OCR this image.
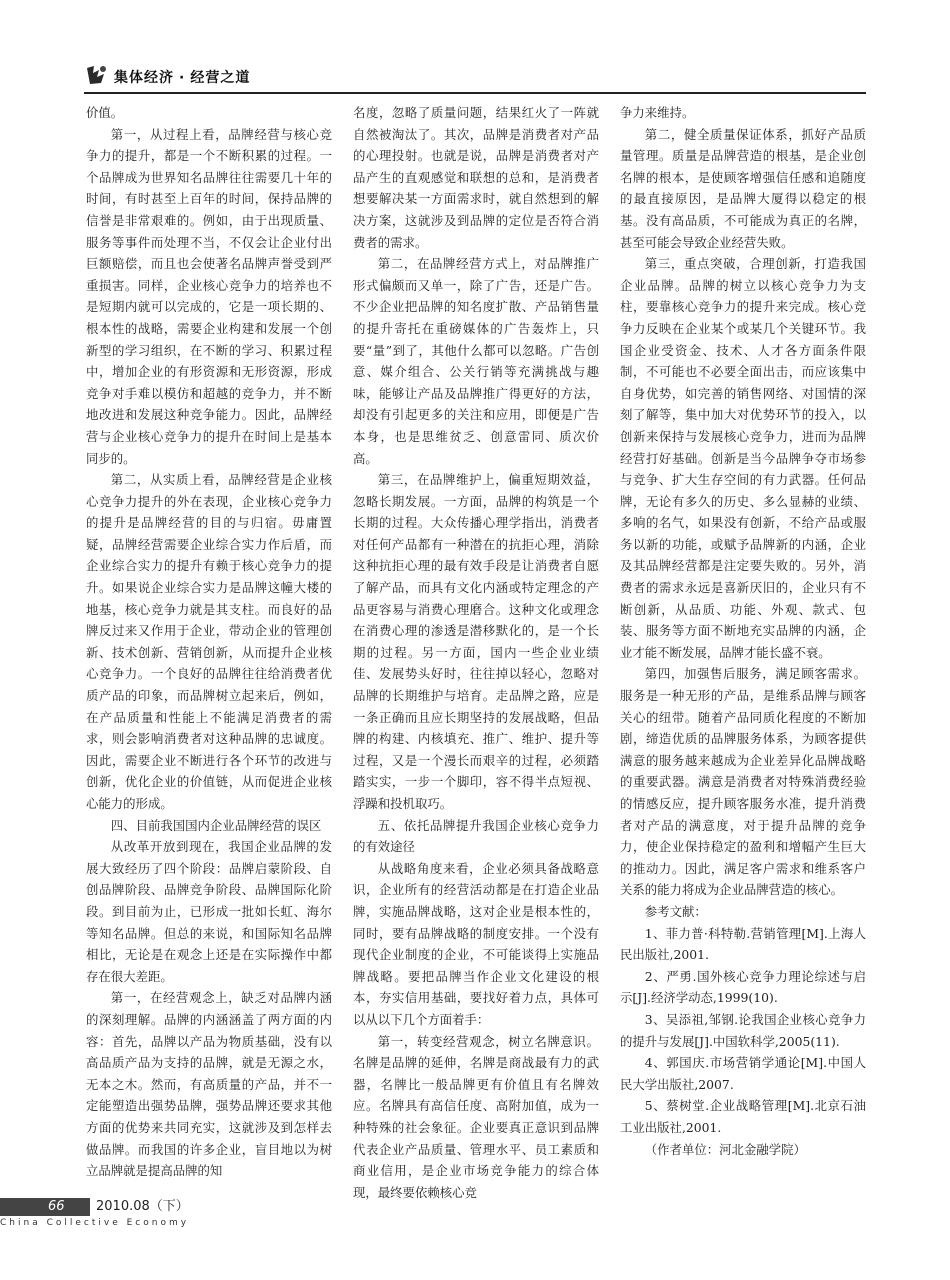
集体经济 · 经营之道

价值。

第一，从过程上看，品牌经营与核心竞争力的提升，都是一个不断积累的过程。一个品牌成为世界知名品牌往往需要几十年的时间，有时甚至上百年的时间，保持品牌的信誉是非常艰难的。例如，由于出现质量、服务等事件而处理不当，不仅会让企业付出巨额赔偿，而且也会使著名品牌声誉受到严重损害。同样，企业核心竞争力的培养也不是短期内就可以完成的，它是一项长期的、根本性的战略，需要企业构建和发展一个创新型的学习组织，在不断的学习、积累过程中，增加企业的有形资源和无形资源，形成竞争对手难以模仿和超越的竞争力，并不断地改进和发展这种竞争能力。因此，品牌经营与企业核心竞争力的提升在时间上是基本同步的。

第二，从实质上看，品牌经营是企业核心竞争力提升的外在表现，企业核心竞争力的提升是品牌经营的目的与归宿。毋庸置疑，品牌经营需要企业综合实力作后盾，而企业综合实力的提升有赖于核心竞争力的提升。如果说企业综合实力是品牌这幢大楼的地基，核心竞争力就是其支柱。而良好的品牌反过来又作用于企业，带动企业的管理创新、技术创新、营销创新，从而提升企业核心竞争力。一个良好的品牌往往给消费者优质产品的印象，而品牌树立起来后，例如，在产品质量和性能上不能满足消费者的需求，则会影响消费者对这种品牌的忠诚度。因此，需要企业不断进行各个环节的改进与创新，优化企业的价值链，从而促进企业核心能力的形成。

四、目前我国国内企业品牌经营的误区

从改革开放到现在，我国企业品牌的发展大致经历了四个阶段：品牌启蒙阶段、自创品牌阶段、品牌竞争阶段、品牌国际化阶段。到目前为止，已形成一批如长虹、海尔等知名品牌。但总的来说，和国际知名品牌相比，无论是在观念上还是在实际操作中都存在很大差距。

第一，在经营观念上，缺乏对品牌内涵的深刻理解。品牌的内涵涵盖了两方面的内容：首先，品牌以产品为物质基础，没有以高品质产品为支持的品牌，就是无源之水，无本之木。然而，有高质量的产品，并不一定能塑造出强势品牌，强势品牌还要求其他方面的优势来共同充实，这就涉及到怎样去做品牌。而我国的许多企业，盲目地以为树立品牌就是提高品牌的知

名度，忽略了质量问题，结果红火了一阵就自然被淘汰了。其次，品牌是消费者对产品的心理投射。也就是说，品牌是消费者对产品产生的直观感觉和联想的总和，是消费者想要解决某一方面需求时，就自然想到的解决方案，这就涉及到品牌的定位是否符合消费者的需求。

第二，在品牌经营方式上，对品牌推广形式偏颇而又单一，除了广告，还是广告。不少企业把品牌的知名度扩散、产品销售量的提升寄托在重磅媒体的广告轰炸上，只要“量”到了，其他什么都可以忽略。广告创意、媒介组合、公关行销等充满挑战与趣味，能够让产品及品牌推广得更好的方法，却没有引起更多的关注和应用，即便是广告本身，也是思维贫乏、创意雷同、质次价高。

第三，在品牌维护上，偏重短期效益，忽略长期发展。一方面，品牌的构筑是一个长期的过程。大众传播心理学指出，消费者对任何产品都有一种潜在的抗拒心理，消除这种抗拒心理的最有效手段是让消费者自愿了解产品，而具有文化内涵或特定理念的产品更容易与消费心理磨合。这种文化或理念在消费心理的渗透是潜移默化的，是一个长期的过程。另一方面，国内一些企业业绩佳、发展势头好时，往往掉以轻心，忽略对品牌的长期维护与培育。走品牌之路，应是一条正确而且应长期坚持的发展战略，但品牌的构建、内核填充、推广、维护、提升等过程，又是一个漫长而艰辛的过程，必须踏踏实实，一步一个脚印，容不得半点短视、浮躁和投机取巧。

五、依托品牌提升我国企业核心竞争力的有效途径

从战略角度来看，企业必须具备战略意识，企业所有的经营活动都是在打造企业品牌，实施品牌战略，这对企业是根本性的，同时，要有品牌战略的制度安排。一个没有现代企业制度的企业，不可能谈得上实施品牌战略。要把品牌当作企业文化建设的根本，夯实信用基础，要找好着力点，具体可以从以下几个方面着手：

第一，转变经营观念，树立名牌意识。名牌是品牌的延伸，名牌是商战最有力的武器，名牌比一般品牌更有价值且有名牌效应。名牌具有高信任度、高附加值，成为一种特殊的社会象征。企业要真正意识到品牌代表企业产品质量、管理水平、员工素质和商业信用，是企业市场竞争能力的综合体现，最终要依赖核心竞

争力来维持。

第二，健全质量保证体系，抓好产品质量管理。质量是品牌营造的根基，是企业创名牌的根本，是使顾客增强信任感和追随度的最直接原因，是品牌大厦得以稳定的根基。没有高品质，不可能成为真正的名牌，甚至可能会导致企业经营失败。

第三，重点突破，合理创新，打造我国企业品牌。品牌的树立以核心竞争力为支柱，要靠核心竞争力的提升来完成。核心竞争力反映在企业某个或某几个关键环节。我国企业受资金、技术、人才各方面条件限制，不可能也不必要全面出击，而应该集中自身优势，如完善的销售网络、对国情的深刻了解等，集中加大对优势环节的投入，以创新来保持与发展核心竞争力，进而为品牌经营打好基础。创新是当今品牌争夺市场参与竞争、扩大生存空间的有力武器。任何品牌，无论有多久的历史、多么显赫的业绩、多响的名气，如果没有创新，不给产品或服务以新的功能，或赋予品牌新的内涵，企业及其品牌经营都是注定要失败的。另外，消费者的需求永远是喜新厌旧的，企业只有不断创新，从品质、功能、外观、款式、包装、服务等方面不断地充实品牌的内涵，企业才能不断发展，品牌才能长盛不衰。

第四，加强售后服务，满足顾客需求。服务是一种无形的产品，是维系品牌与顾客关心的纽带。随着产品同质化程度的不断加剧，缔造优质的品牌服务体系，为顾客提供满意的服务越来越成为企业差异化品牌战略的重要武器。满意是消费者对特殊消费经验的情感反应，提升顾客服务水准，提升消费者对产品的满意度，对于提升品牌的竞争力，使企业保持稳定的盈利和增幅产生巨大的推动力。因此，满足客户需求和维系客户关系的能力将成为企业品牌营造的核心。

参考文献：

1、菲力普·科特勒.营销管理[M].上海人民出版社,2001.

2、严勇.国外核心竞争力理论综述与启示[J].经济学动态,1999(10).

3、吴添祖,邹钢.论我国企业核心竞争力的提升与发展[J].中国软科学,2005(11).

4、郭国庆.市场营销学通论[M].中国人民大学出版社,2007.

5、蔡树堂.企业战略管理[M].北京石油工业出版社,2001.

（作者单位：河北金融学院）

66 2010.08（下）
China Collective Economy
